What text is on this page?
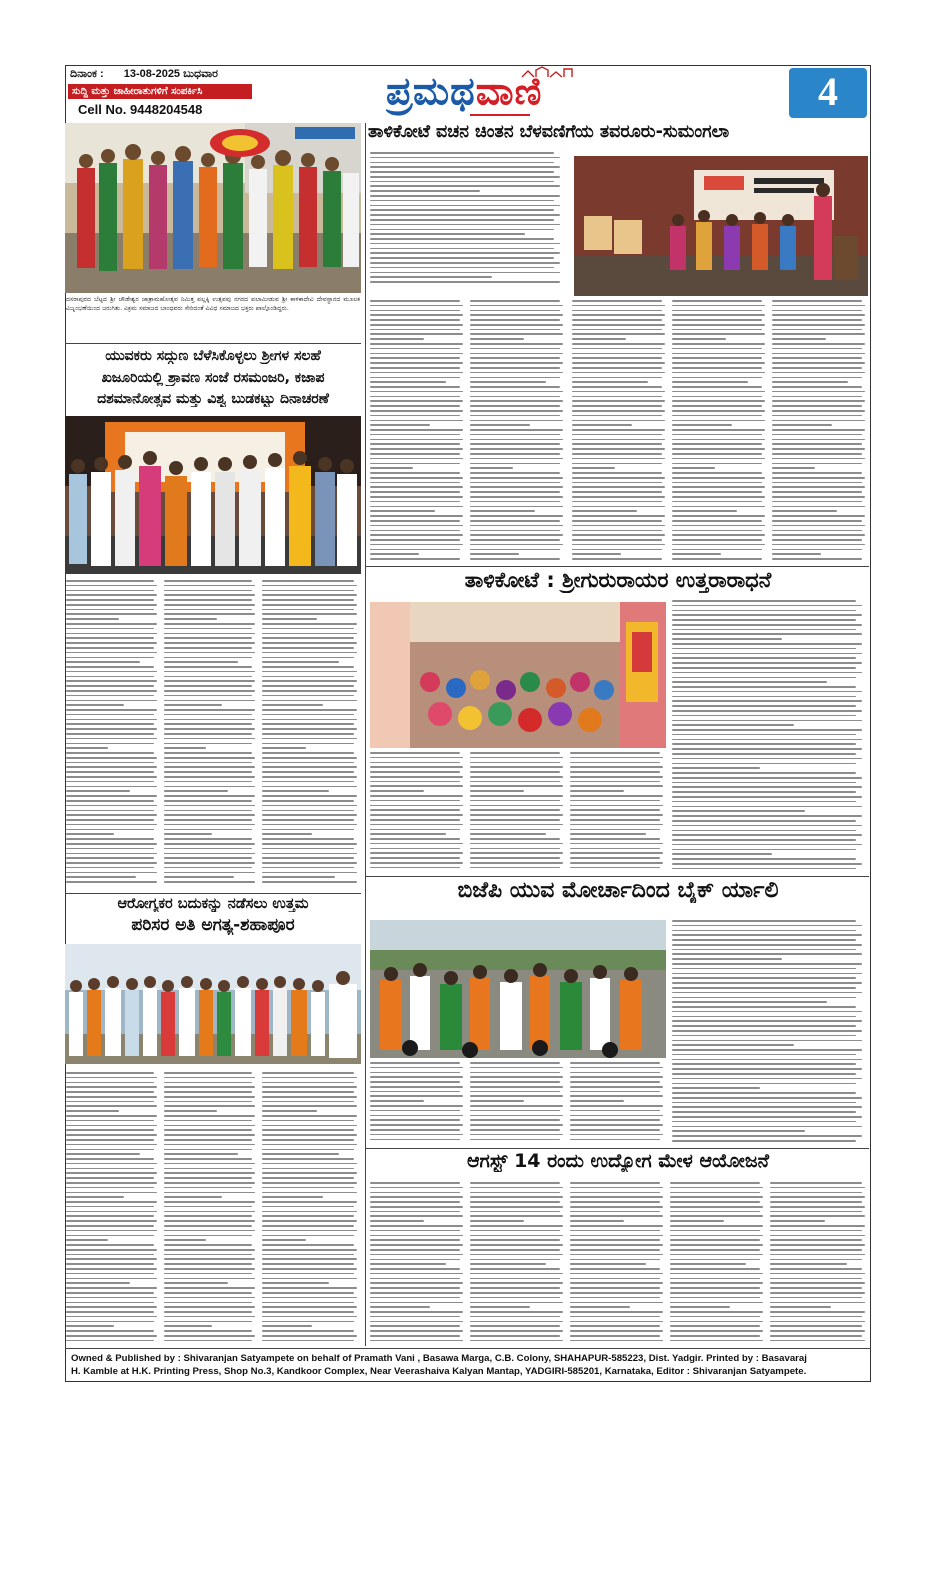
ದಿನಾಂಕ : 13-08-2025 ಬುಧವಾರ
ಸುದ್ದಿ ಮತ್ತು ಜಾಹೀರಾತುಗಳಿಗೆ ಸಂಪರ್ಕಿಸಿ
Cell No. 9448204548	ಪ್ರಮಥವಾಣಿ	4
ದಸರಾಪುರದ ಬೆಟ್ಟದ ಶ್ರೀ ಚೌಡೇಶ್ವರ ಜಾತ್ರಾಮಹೋತ್ಸವ ನಿಮಿತ್ತ ಪಲ್ಲಕ್ಕಿ ಉತ್ಸವವು ನಗರದ ಪಲಾಮೀಡುವ ಶ್ರೀ ಕಾಳಿಕಾದೇವಿ ದೇವಸ್ಥಾನದ ಮೂಲಕ ವಿಜೃಂಭಣೆಯಿಂದ ಜರುಗಿತು. ವಿಕ್ರಮ ಸಮಾಜದ ಬಾಂಧವರು ಸೇರಿದಂತೆ ವಿವಿಧ ಸಮಾಜದ ಭಕ್ತರು ಪಾಲ್ಗೊಂಡಿದ್ದರು.
ಯುವಕರು ಸದ್ಗುಣ ಬೆಳೆಸಿಕೊಳ್ಳಲು ಶ್ರೀಗಳ ಸಲಹೆ
ಖಜೂರಿಯಲ್ಲಿ ಶ್ರಾವಣ ಸಂಜೆ ರಸಮಂಜರಿ, ಕಜಾಪ
ದಶಮಾನೋತ್ಸವ ಮತ್ತು ವಿಶ್ವ ಬುಡಕಟ್ಟು ದಿನಾಚರಣೆ
ಆರೋಗ್ಯಕರ ಬದುಕನ್ನು ನಡೆಸಲು ಉತ್ತಮ
ಪರಿಸರ ಅತಿ ಅಗತ್ಯ-ಶಹಾಪೂರ
ತಾಳಿಕೋಟೆ ವಚನ ಚಿಂತನ ಬೆಳವಣಿಗೆಯ ತವರೂರು-ಸುಮಂಗಲಾ
ತಾಳಿಕೋಟೆ : ಶ್ರೀಗುರುರಾಯರ ಉತ್ತರಾರಾಧನೆ
ಬಿಜೆಪಿ ಯುವ ಮೋರ್ಚಾದಿಂದ ಬೈಕ್ ರ್ಯಾಲಿ
ಆಗಸ್ಟ್ 14 ರಂದು ಉದ್ಯೋಗ ಮೇಳ ಆಯೋಜನೆ
Owned & Published by : Shivaranjan Satyampete on behalf of Pramath Vani , Basawa Marga, C.B. Colony, SHAHAPUR-585223, Dist. Yadgir. Printed by : Basavaraj
H. Kamble at H.K. Printing Press, Shop No.3, Kandkoor Complex, Near Veerashaiva Kalyan Mantap, YADGIRI-585201, Karnataka, Editor : Shivaranjan Satyampete.
